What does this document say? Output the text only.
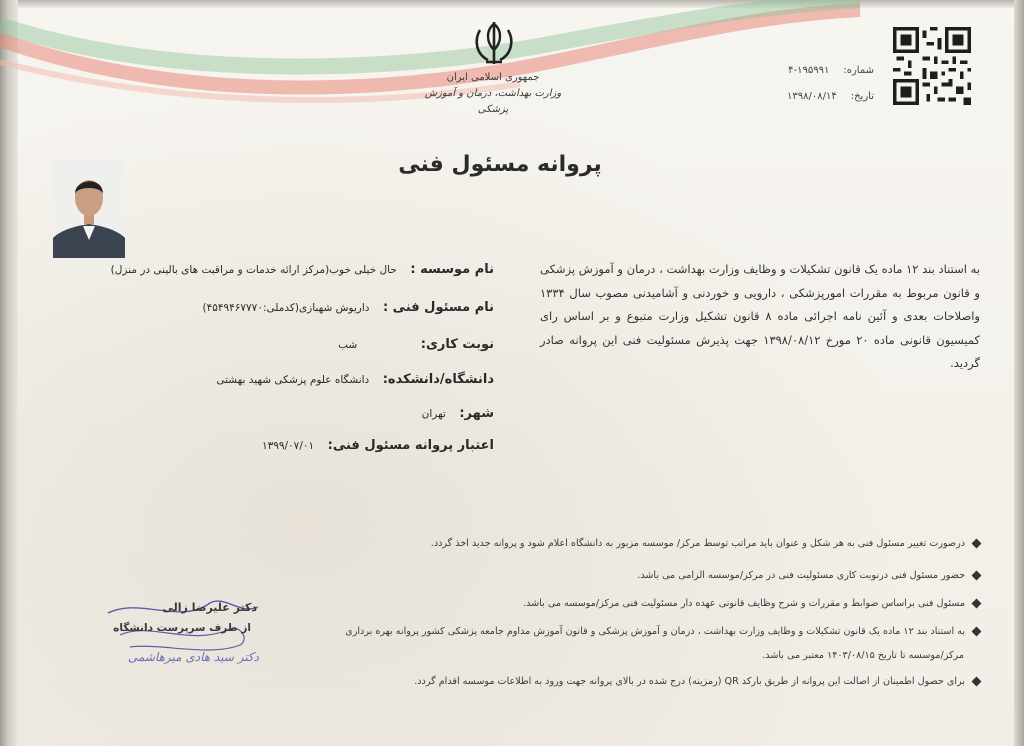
جمهوری اسلامی ایران
وزارت بهداشت، درمان و آموزش پزشکی
شماره:
۴-۱۹۵۹۹۱
تاریخ:
۱۳۹۸/۰۸/۱۴
پروانه مسئول فنی
نام موسسه : حال خیلی خوب(مرکز ارائه خدمات و مراقبت های بالینی در منزل)
نام مسئول فنی : داریوش شهبازی(کدملی:۴۵۴۹۴۶۷۷۷۰)
نوبت کاری: شب
دانشگاه/دانشکده: دانشگاه علوم پزشکی شهید بهشتی
شهر: تهران
اعتبار پروانه مسئول فنی: ۱۳۹۹/۰۷/۰۱
به استناد بند ۱۲ ماده یک قانون تشکیلات و وظایف وزارت بهداشت ، درمان و آموزش پزشکی و قانون مربوط به مقررات امورپزشکی ، دارویی و خوردنی و آشامیدنی مصوب سال ۱۳۳۴ واصلاحات بعدی و آئین نامه اجرائی ماده ۸ قانون تشکیل وزارت متبوع و بر اساس رای کمیسیون قانونی ماده ۲۰ مورخ ۱۳۹۸/۰۸/۱۲ جهت پذیرش مسئولیت فنی این پروانه صادر گردید.
درصورت تغییر مسئول فنی به هر شکل و عنوان باید مراتب توسط مرکز/ موسسه مزبور به دانشگاه اعلام شود و پروانه جدید اخذ گردد.
حضور مسئول فنی درنوبت کاری مسئولیت فنی در مرکز/موسسه الزامی می باشد.
مسئول فنی براساس ضوابط و مقررات و شرح وظایف قانونی عهده دار مسئولیت فنی مرکز/موسسه می باشد.
به استناد بند ۱۲ ماده یک قانون تشکیلات و وظایف وزارت بهداشت ، درمان و آموزش پزشکی و قانون آموزش مداوم جامعه پزشکی کشور پروانه بهره برداری
مرکز/موسسه تا تاریخ ۱۴۰۳/۰۸/۱۵ معتبر می باشد.
برای حصول اطمینان از اصالت این پروانه از طریق بارکد QR (رمزینه) درج شده در بالای پروانه جهت ورود به اطلاعات موسسه اقدام گردد.
دکتر علیرضا زالی
از طرف سرپرست دانشگاه
دکتر سید هادی میرهاشمی
